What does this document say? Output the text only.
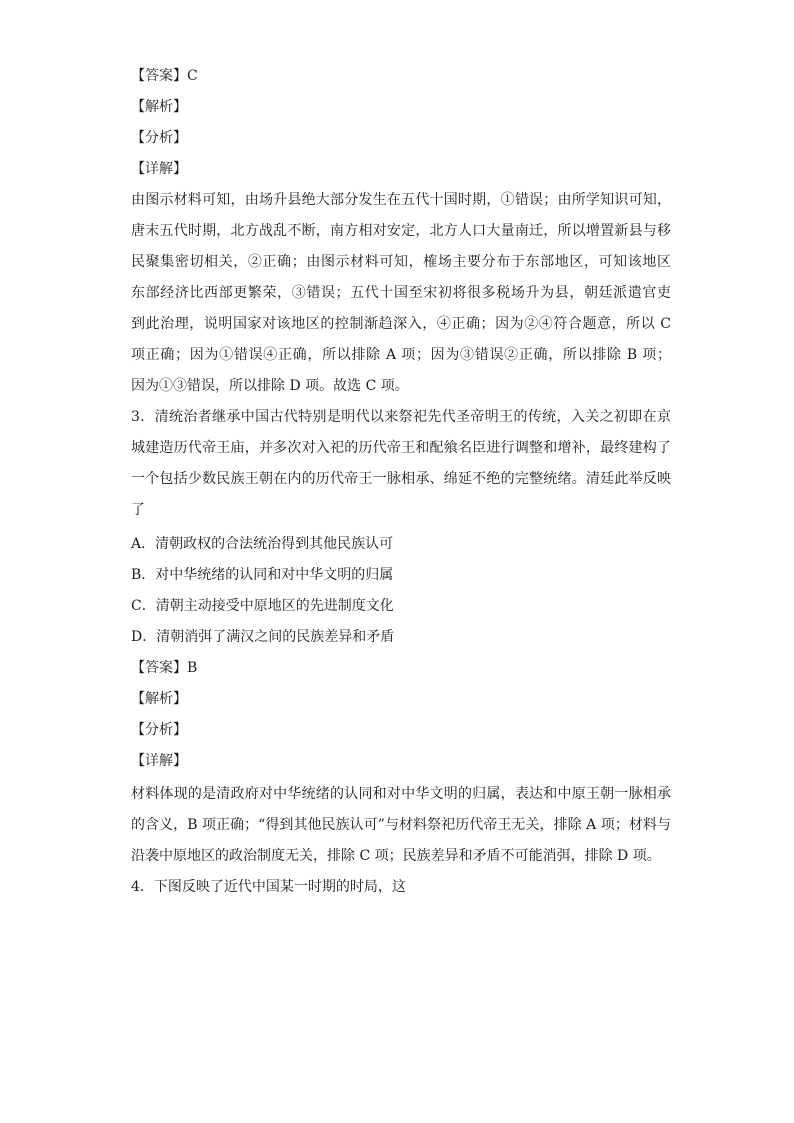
【答案】C
【解析】
【分析】
【详解】
由图示材料可知，由场升县绝大部分发生在五代十国时期，①错误；由所学知识可知，
唐末五代时期，北方战乱不断，南方相对安定，北方人口大量南迁，所以增置新县与移
民聚集密切相关，②正确；由图示材料可知，榷场主要分布于东部地区，可知该地区
东部经济比西部更繁荣，③错误；五代十国至宋初将很多税场升为县，朝廷派遣官吏
到此治理，说明国家对该地区的控制渐趋深入，④正确；因为②④符合题意，所以 C
项正确；因为①错误④正确，所以排除 A 项；因为③错误②正确，所以排除 B 项；
因为①③错误，所以排除 D 项。故选 C 项。
3．清统治者继承中国古代特别是明代以来祭祀先代圣帝明王的传统，入关之初即在京
城建造历代帝王庙，并多次对入祀的历代帝王和配飨名臣进行调整和增补，最终建构了
一个包括少数民族王朝在内的历代帝王一脉相承、绵延不绝的完整统绪。清廷此举反映
了
A．清朝政权的合法统治得到其他民族认可
B．对中华统绪的认同和对中华文明的归属
C．清朝主动接受中原地区的先进制度文化
D．清朝消弭了满汉之间的民族差异和矛盾
【答案】B
【解析】
【分析】
【详解】
材料体现的是清政府对中华统绪的认同和对中华文明的归属，表达和中原王朝一脉相承
的含义，B 项正确；“得到其他民族认可”与材料祭祀历代帝王无关，排除 A 项；材料与
沿袭中原地区的政治制度无关，排除 C 项；民族差异和矛盾不可能消弭，排除 D 项。
4．下图反映了近代中国某一时期的时局，这
